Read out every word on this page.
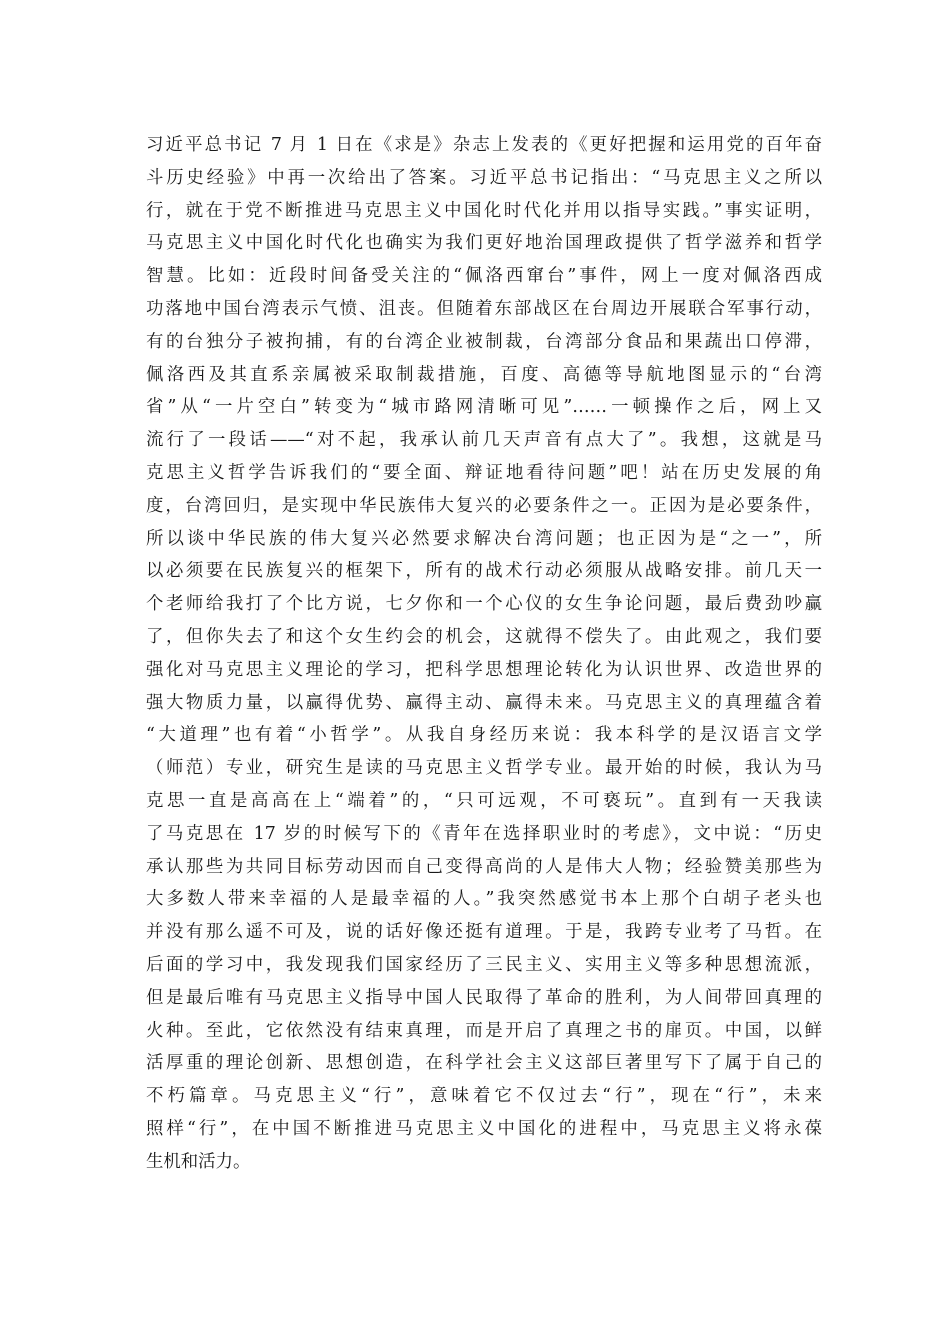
习近平总书记 7 月 1 日在《求是》杂志上发表的《更好把握和运用党的百年奋
斗历史经验》中再一次给出了答案。习近平总书记指出：“马克思主义之所以
行，就在于党不断推进马克思主义中国化时代化并用以指导实践。”事实证明，
马克思主义中国化时代化也确实为我们更好地治国理政提供了哲学滋养和哲学
智慧。比如：近段时间备受关注的“佩洛西窜台”事件，网上一度对佩洛西成
功落地中国台湾表示气愤、沮丧。但随着东部战区在台周边开展联合军事行动，
有的台独分子被拘捕，有的台湾企业被制裁，台湾部分食品和果蔬出口停滞，
佩洛西及其直系亲属被采取制裁措施，百度、高德等导航地图显示的“台湾
省”从“一片空白”转变为“城市路网清晰可见”……一顿操作之后，网上又
流行了一段话——“对不起，我承认前几天声音有点大了”。我想，这就是马
克思主义哲学告诉我们的“要全面、辩证地看待问题”吧！站在历史发展的角
度，台湾回归，是实现中华民族伟大复兴的必要条件之一。正因为是必要条件，
所以谈中华民族的伟大复兴必然要求解决台湾问题；也正因为是“之一”，所
以必须要在民族复兴的框架下，所有的战术行动必须服从战略安排。前几天一
个老师给我打了个比方说，七夕你和一个心仪的女生争论问题，最后费劲吵赢
了，但你失去了和这个女生约会的机会，这就得不偿失了。由此观之，我们要
强化对马克思主义理论的学习，把科学思想理论转化为认识世界、改造世界的
强大物质力量，以赢得优势、赢得主动、赢得未来。马克思主义的真理蕴含着
“大道理”也有着“小哲学”。从我自身经历来说：我本科学的是汉语言文学
（师范）专业，研究生是读的马克思主义哲学专业。最开始的时候，我认为马
克思一直是高高在上“端着”的，“只可远观，不可亵玩”。直到有一天我读
了马克思在 17 岁的时候写下的《青年在选择职业时的考虑》，文中说：“历史
承认那些为共同目标劳动因而自己变得高尚的人是伟大人物；经验赞美那些为
大多数人带来幸福的人是最幸福的人。”我突然感觉书本上那个白胡子老头也
并没有那么遥不可及，说的话好像还挺有道理。于是，我跨专业考了马哲。在
后面的学习中，我发现我们国家经历了三民主义、实用主义等多种思想流派，
但是最后唯有马克思主义指导中国人民取得了革命的胜利，为人间带回真理的
火种。至此，它依然没有结束真理，而是开启了真理之书的扉页。中国，以鲜
活厚重的理论创新、思想创造，在科学社会主义这部巨著里写下了属于自己的
不朽篇章。马克思主义“行”，意味着它不仅过去“行”，现在“行”，未来
照样“行”，在中国不断推进马克思主义中国化的进程中，马克思主义将永葆
生机和活力。
